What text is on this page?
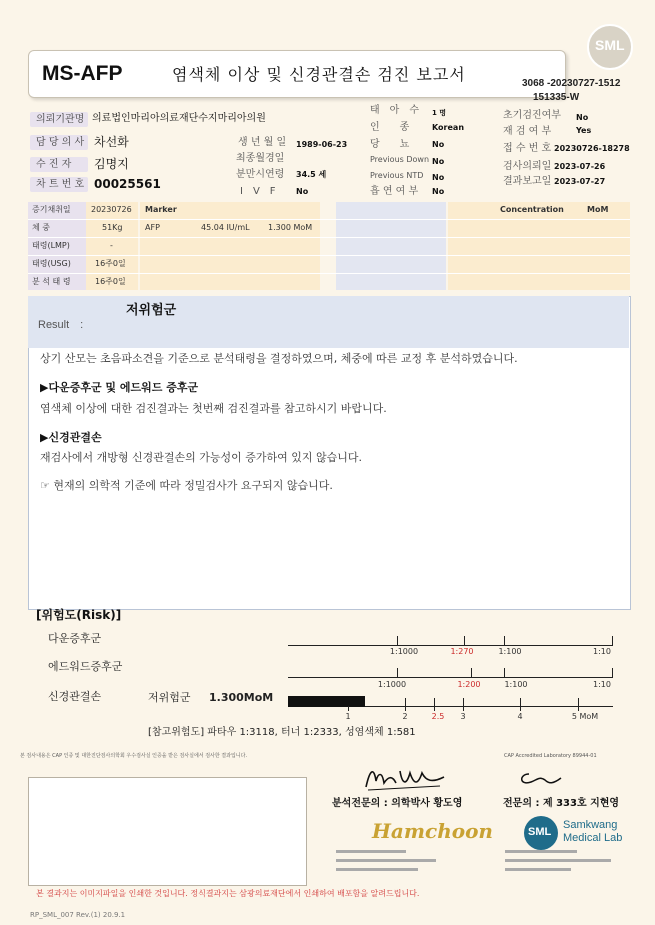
SML
MS-AFP	염색체 이상 및 신경관결손 검진 보고서	3068 -20230727-1512
151335-W
의뢰기관명 의료법인마리아의료재단수지마리아의원
담 당 의 사 차선화
수 진 자	김명지
차 트 번 호 00025561
생 년 월 일 1989-06-23
최종월경일
분만시연령 34.5 세
I　V　F	No
태　아　수 1 명
인　　종	Korean
당　　뇨	No
Previous Down No
Previous NTD No
흡 연 여 부 No
초기검진여부 No
재 검 여 부	Yes
접 수 번 호 20230726-18278
검사의뢰일 2023-07-26
결과보고일 2023-07-27
증기채취일	20230726
체 중	51Kg
태령(LMP)	-
태령(USG)	16주0일
분 석 태 령	16주0일
Marker
AFP	45.04 IU/mL 1.300 MoM
Concentration	MoM
Result　:
저위험군
상기 산모는 초음파소견을 기준으로 분석태령을 결정하였으며, 체중에 따른 교정 후 분석하였습니다.
▶다운증후군 및 에드워드 증후군
염색체 이상에 대한 검진결과는 첫번째 검진결과를 참고하시기 바랍니다.
▶신경관결손
재검사에서 개방형 신경관결손의 가능성이 증가하여 있지 않습니다.
☞ 현재의 의학적 기준에 따라 정밀검사가 요구되지 않습니다.
[위험도(Risk)]
다운증후군
1:1000	1:270	1:100	1:10
에드워드증후군
1:1000	1:200	1:100	1:10
신경관결손	저위험군 1.300MoM
1	2	2.5 3	4	5 MoM
[참고위험도] 파타우 1:3118, 터너 1:2333, 성염색체 1:581
본 검사내용은 CAP 인증 및 대한진단검사의학회 우수검사실 인증을 받은 검사실에서 검사한 결과입니다.	CAP Accredited Laboratory 89944-01
분석전문의 : 의학박사 황도영	전문의 : 제 333호 지현영
Hamchoon	SML
Samkwang
Medical Lab
본 결과지는 이미지파일을 인쇄한 것입니다. 정식결과지는 삼광의료재단에서 인쇄하여 배포함을 알려드립니다.
RP_SML_007 Rev.(1) 20.9.1
